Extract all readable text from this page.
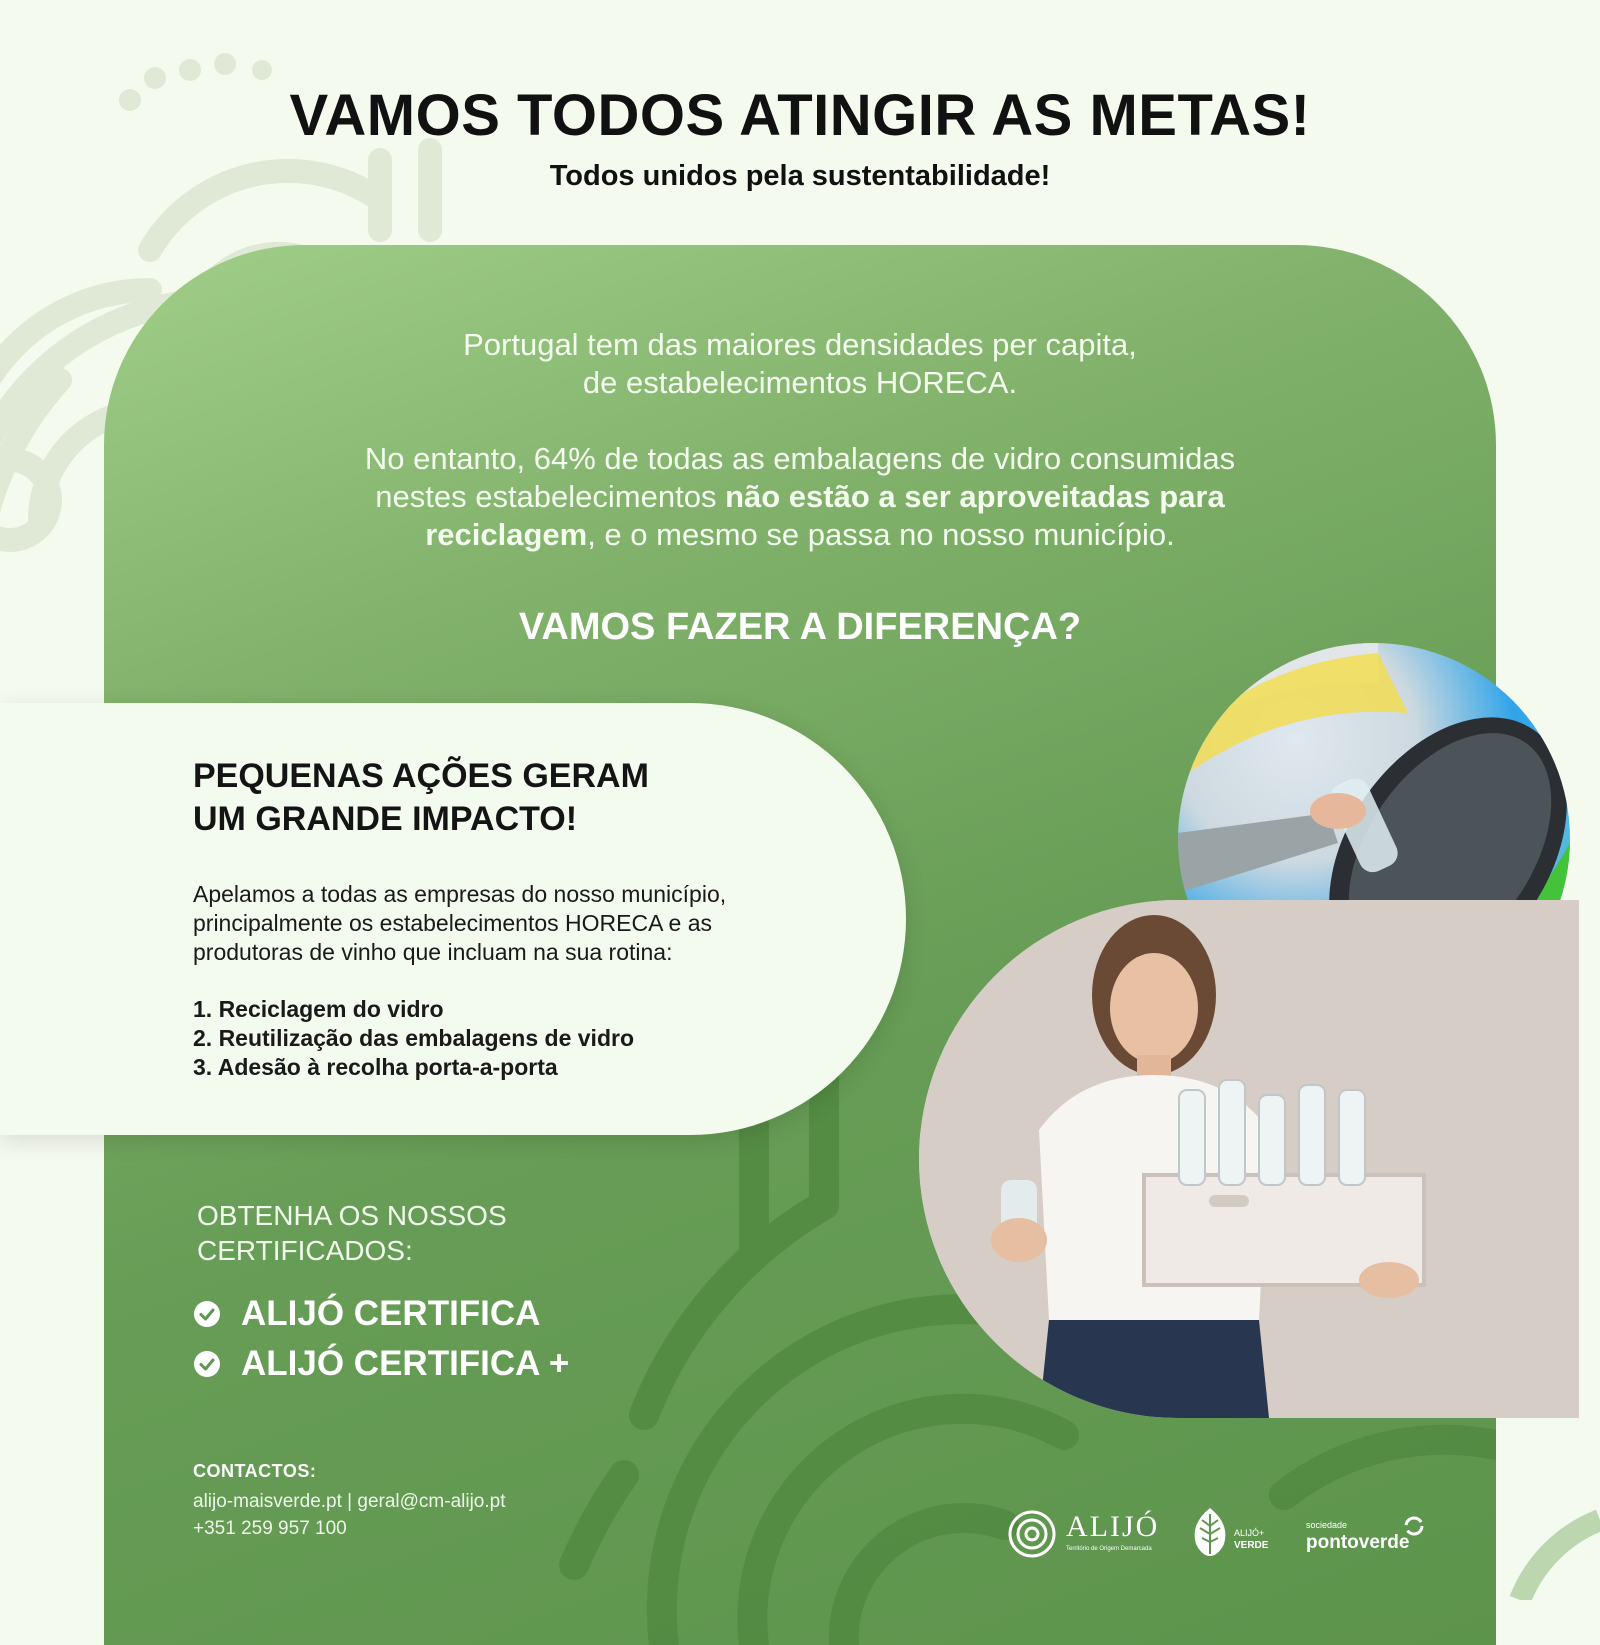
VAMOS TODOS ATINGIR AS METAS!

Todos unidos pela sustentabilidade!

Portugal tem das maiores densidades per capita,
de estabelecimentos HORECA.

No entanto, 64% de todas as embalagens de vidro consumidas
nestes estabelecimentos não estão a ser aproveitadas para
reciclagem, e o mesmo se passa no nosso município.

VAMOS FAZER A DIFERENÇA?
PEQUENAS AÇÕES GERAM
UM GRANDE IMPACTO!

Apelamos a todas as empresas do nosso município,
principalmente os estabelecimentos HORECA e as
produtoras de vinho que incluam na sua rotina:

1. Reciclagem do vidro
2. Reutilização das embalagens de vidro
3. Adesão à recolha porta-a-porta

OBTENHA OS NOSSOS
CERTIFICADOS:

ALIJÓ CERTIFICA
ALIJÓ CERTIFICA +

CONTACTOS:

alijo-maisverde.pt | geral@cm-alijo.pt

+351 259 957 100	ALIJÓ
Território de Origem Demarcada
ALIJÓ+
VERDE
sociedade
pontoverde
